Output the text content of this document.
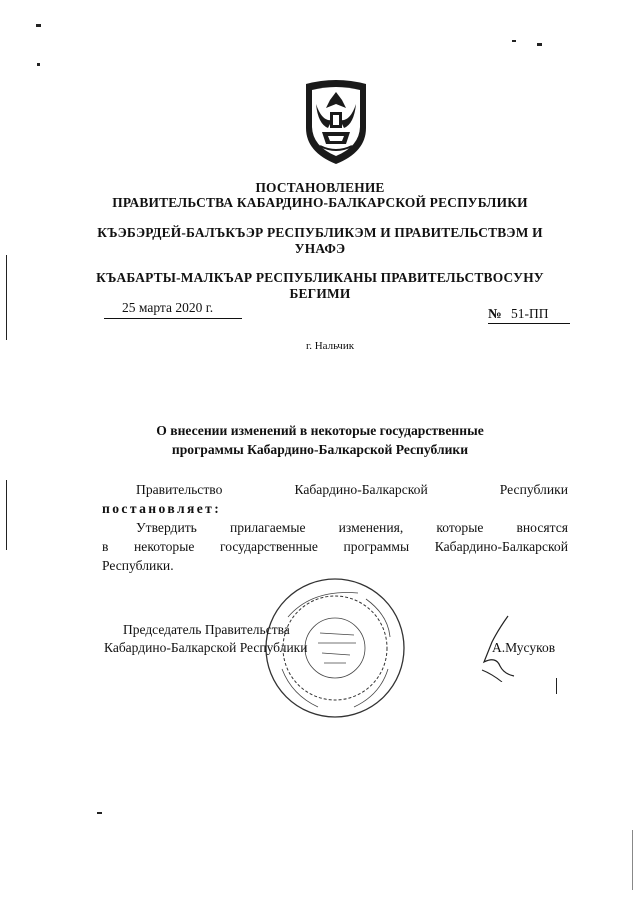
ПОСТАНОВЛЕНИЕ
ПРАВИТЕЛЬСТВА КАБАРДИНО-БАЛКАРСКОЙ РЕСПУБЛИКИ
КЪЭБЭРДЕЙ-БАЛЪКЪЭР РЕСПУБЛИКЭМ И ПРАВИТЕЛЬСТВЭМ И
УНАФЭ
КЪАБАРТЫ-МАЛКЪАР РЕСПУБЛИКАНЫ ПРАВИТЕЛЬСТВОСУНУ
БЕГИМИ
25 марта 2020 г.	№ 51-ПП
г. Нальчик
О внесении изменений в некоторые государственные
программы Кабардино-Балкарской Республики
Правительство	Кабардино-Балкарской	Республики
постановляет:
Утвердить прилагаемые изменения, которые вносятся
в некоторые государственные программы Кабардино-Балкарской
Республики.
Председатель Правительства
Кабардино-Балкарской Республики	А.Мусуков
